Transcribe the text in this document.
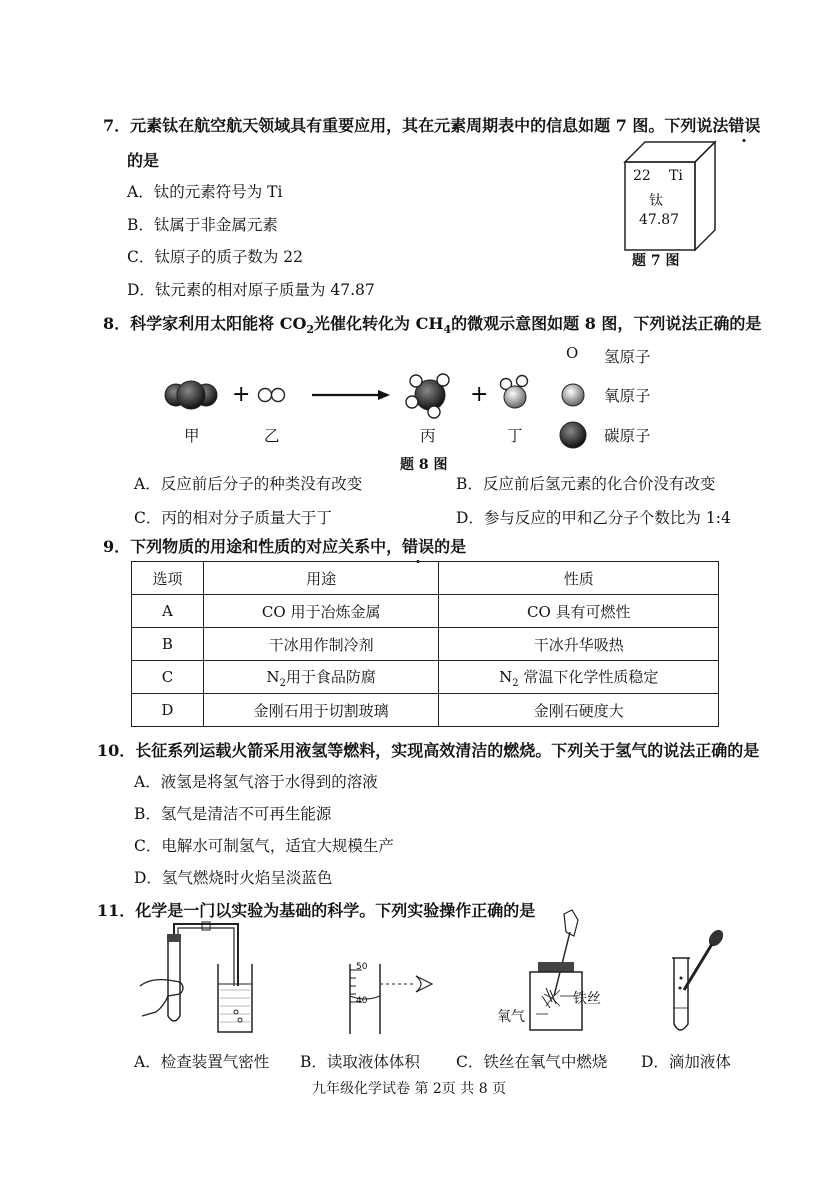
7．元素钛在航空航天领域具有重要应用，其在元素周期表中的信息如题 7 图。下列说法错误
的是
A．钛的元素符号为 Ti
B．钛属于非金属元素
C．钛原子的质子数为 22
D．钛元素的相对原子质量为 47.87
22 Ti
钛
47.87
题 7 图
8．科学家利用太阳能将 $CO_2$光催化转化为 $CH_4$的微观示意图如题 8 图，下列说法正确的是
+	+
O 氢原子
氧原子
碳原子
甲	乙	丙	丁
题 8 图
A．反应前后分子的种类没有改变	B．反应前后氢元素的化合价没有改变
C．丙的相对分子质量大于丁	D．参与反应的甲和乙分子个数比为 1:4
9．下列物质的用途和性质的对应关系中，错误的是
选项	用途	性质
A	CO 用于冶炼金属	CO 具有可燃性
B	干冰用作制冷剂	干冰升华吸热
C	$N_2$用于食品防腐	$N_2$ 常温下化学性质稳定
D	金刚石用于切割玻璃	金刚石硬度大
10．长征系列运载火箭采用液氢等燃料，实现高效清洁的燃烧。下列关于氢气的说法正确的是
A．液氢是将氢气溶于水得到的溶液
B．氢气是清洁不可再生能源
C．电解水可制氢气，适宜大规模生产
D．氢气燃烧时火焰呈淡蓝色
11．化学是一门以实验为基础的科学。下列实验操作正确的是
50
40	铁丝
氧气
A．检查装置气密性 B．读取液体体积 C．铁丝在氧气中燃烧 D．滴加液体
九年级化学试卷 第 2页 共 8 页
